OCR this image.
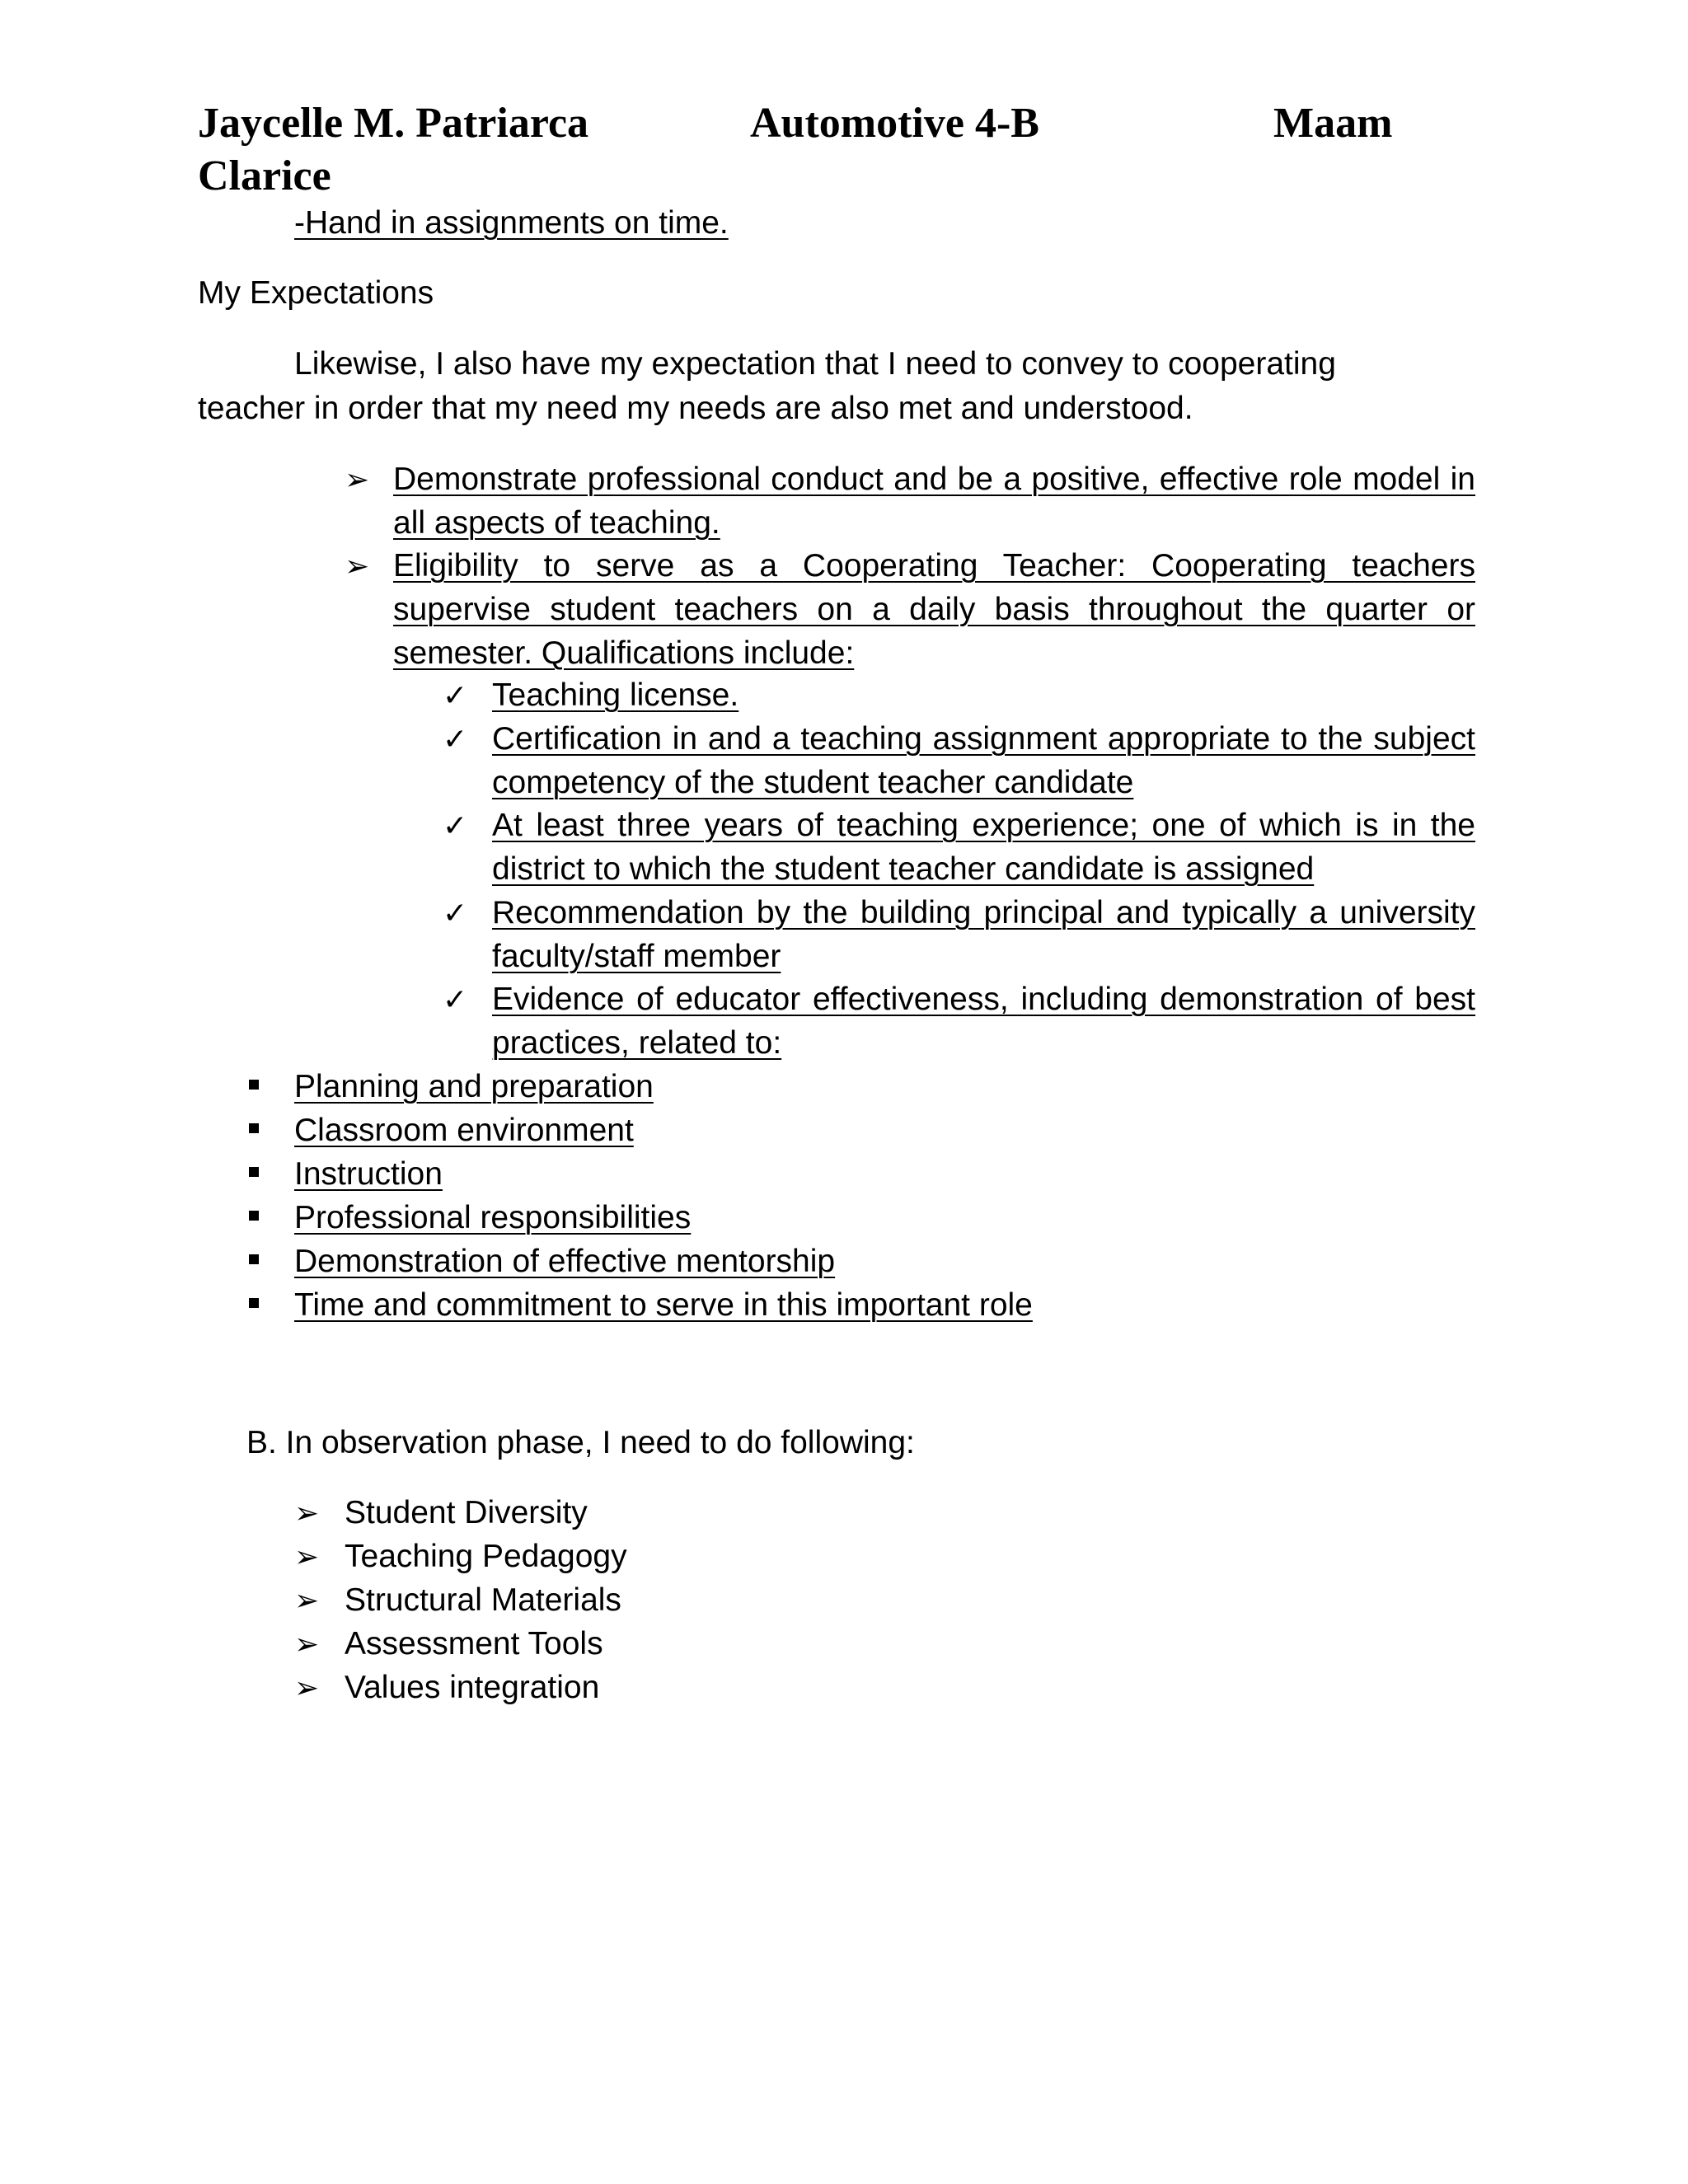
Jaycelle M. Patriarca	Automotive 4-B	Maam
Clarice
-Hand in assignments on time.
My Expectations
Likewise, I also have my expectation that I need to convey to cooperating
teacher in order that my need my needs are also met and understood.
➢ Demonstrate professional conduct and be a positive, effective role model in all aspects of teaching.
➢ Eligibility to serve as a Cooperating Teacher: Cooperating teachers supervise student teachers on a daily basis throughout the quarter or semester. Qualifications include:
✓ Teaching license.
✓ Certification in and a teaching assignment appropriate to the subject competency of the student teacher candidate
✓ At least three years of teaching experience; one of which is in the district to which the student teacher candidate is assigned
✓ Recommendation by the building principal and typically a university faculty/staff member
✓ Evidence of educator effectiveness, including demonstration of best practices, related to:
Planning and preparation
Classroom environment
Instruction
Professional responsibilities
Demonstration of effective mentorship
Time and commitment to serve in this important role
B. In observation phase, I need to do following:
➢ Student Diversity
➢ Teaching Pedagogy
➢ Structural Materials
➢ Assessment Tools
➢ Values integration
